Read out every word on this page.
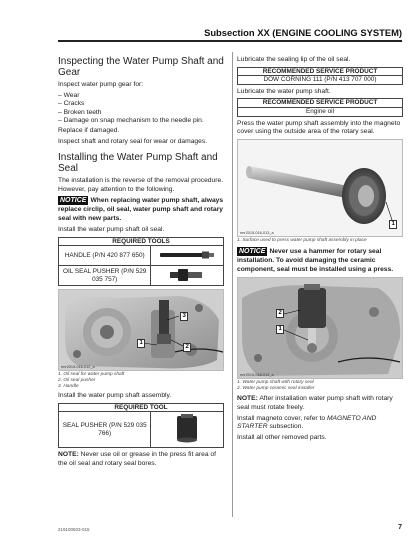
Subsection XX (ENGINE COOLING SYSTEM)
Inspecting the Water Pump Shaft and Gear

Inspect water pump gear for:

– Wear
– Cracks
– Broken teeth
– Damage on snap mechanism to the needle pin.

Replace if damaged.

Inspect shaft and rotary seal for wear or damages.

Installing the Water Pump Shaft and Seal

The installation is the reverse of the removal procedure. However, pay attention to the following.

NOTICE When replacing water pump shaft, always replace circlip, oil seal, water pump shaft and rotary seal with new parts.

Install the water pump shaft oil seal.

REQUIRED TOOLS	
HANDLE (P/N 420 877 650)	
OIL SEAL PUSHER (P/N 529 035 757)	
3
1
2
rmr2015-016-012_a
1. Oil seal for water pump shaft
2. Oil seal pusher
3. Handle

Install the water pump shaft assembly.

REQUIRED TOOL
SEAL PUSHER (P/N 529 035 766)	

NOTE: Never use oil or grease in the press fit area of the oil seal and rotary seal bores.

Lubricate the sealing lip of the oil seal.

RECOMMENDED SERVICE PRODUCT
DOW CORNING 111 (P/N 413 707 000)

Lubricate the water pump shaft.

RECOMMENDED SERVICE PRODUCT
Engine oil

Press the water pump shaft assembly into the magneto cover using the outside area of the rotary seal.

1
rmr2015-016-013_a
1. Surface used to press water pump shaft assembly in place
NOTICE Never use a hammer for rotary seal installation. To avoid damaging the ceramic component, seal must be installed using a press.
2
1
rmr2015-016-014_a
1. Water pump shaft with rotary seal
2. Water pump ceramic seal installer

NOTE: After installation water pump shaft with rotary seal must rotate freely.

Install magneto cover, refer to MAGNETO AND STARTER subsection.

Install all other removed parts.

219100503-015	7
